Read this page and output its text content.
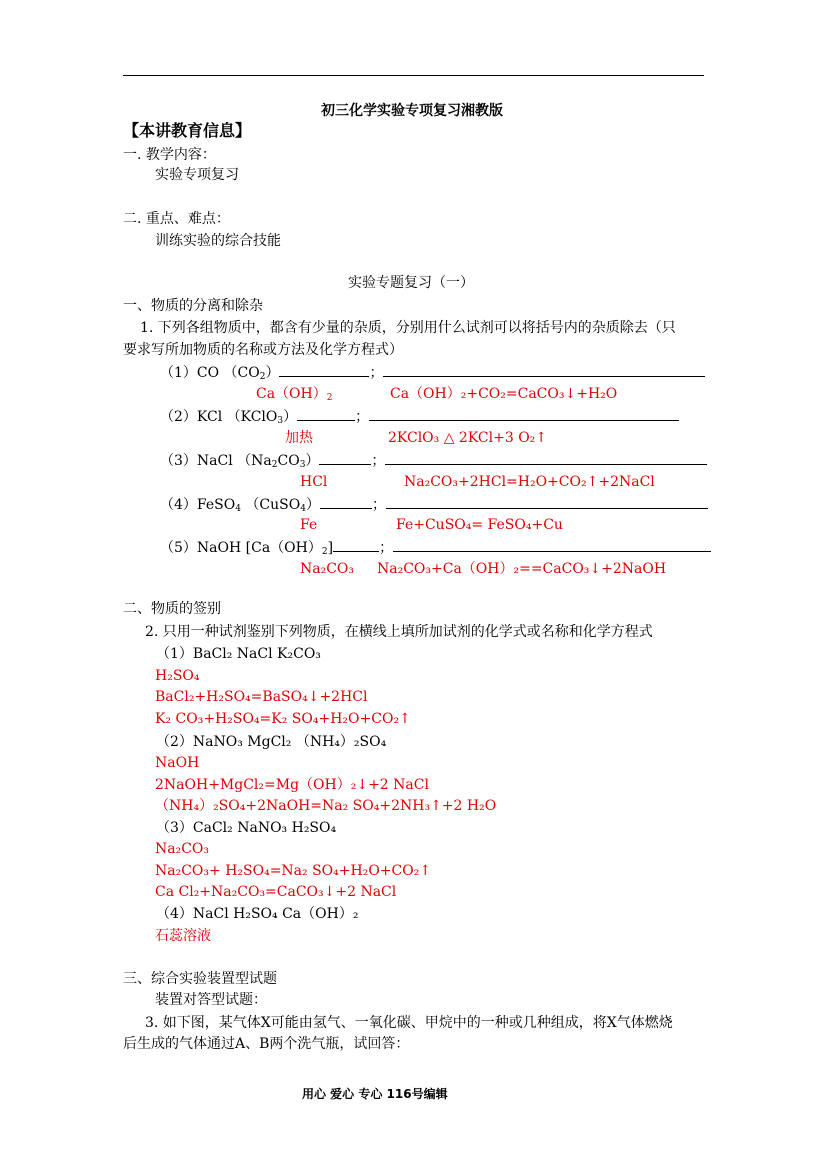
初三化学实验专项复习湘教版
【本讲教育信息】
一. 教学内容：
实验专项复习
二. 重点、难点：
训练实验的综合技能
实验专题复习（一）
一、物质的分离和除杂
1. 下列各组物质中，都含有少量的杂质，分别用什么试剂可以将括号内的杂质除去（只
要求写所加物质的名称或方法及化学方程式）
（1）CO $(CO_2)$	；
$Ca(OH)_2$	Ca（OH）₂+CO₂=CaCO₃↓+H₂O
（2）KCl （KClO$_3$）	；
加热	2KClO₃ △ 2KCl+3 O₂↑
（3）NaCl $(Na_2CO_3)$	；
HCl	Na₂CO₃+2HCl=H₂O+CO₂↑+2NaCl
（4）FeSO$_4$ （CuSO$_4$）	；
Fe	Fe+CuSO₄= FeSO₄+Cu
（5）NaOH $[Ca(OH)_2]$	；
Na₂CO₃ Na₂CO₃+Ca（OH）₂==CaCO₃↓+2NaOH
二、物质的签别
2. 只用一种试剂鉴别下列物质，在横线上填所加试剂的化学式或名称和化学方程式
（1）BaCl₂ NaCl K₂CO₃
H₂SO₄
BaCl₂+H₂SO₄=BaSO₄↓+2HCl
K₂ CO₃+H₂SO₄=K₂ SO₄+H₂O+CO₂↑
（2）NaNO₃ MgCl₂ （NH₄）₂SO₄
NaOH
2NaOH+MgCl₂=Mg（OH）₂↓+2 NaCl
（NH₄）₂SO₄+2NaOH=Na₂ SO₄+2NH₃↑+2 H₂O
（3）CaCl₂ NaNO₃ H₂SO₄
Na₂CO₃
Na₂CO₃+ H₂SO₄=Na₂ SO₄+H₂O+CO₂↑
Ca Cl₂+Na₂CO₃=CaCO₃↓+2 NaCl
（4）NaCl H₂SO₄ Ca（OH）₂
石蕊溶液
三、综合实验装置型试题
装置对答型试题：
3. 如下图，某气体X可能由氢气、一氧化碳、甲烷中的一种或几种组成，将X气体燃烧
后生成的气体通过A、B两个洗气瓶，试回答：
用心 爱心 专心 116号编辑
